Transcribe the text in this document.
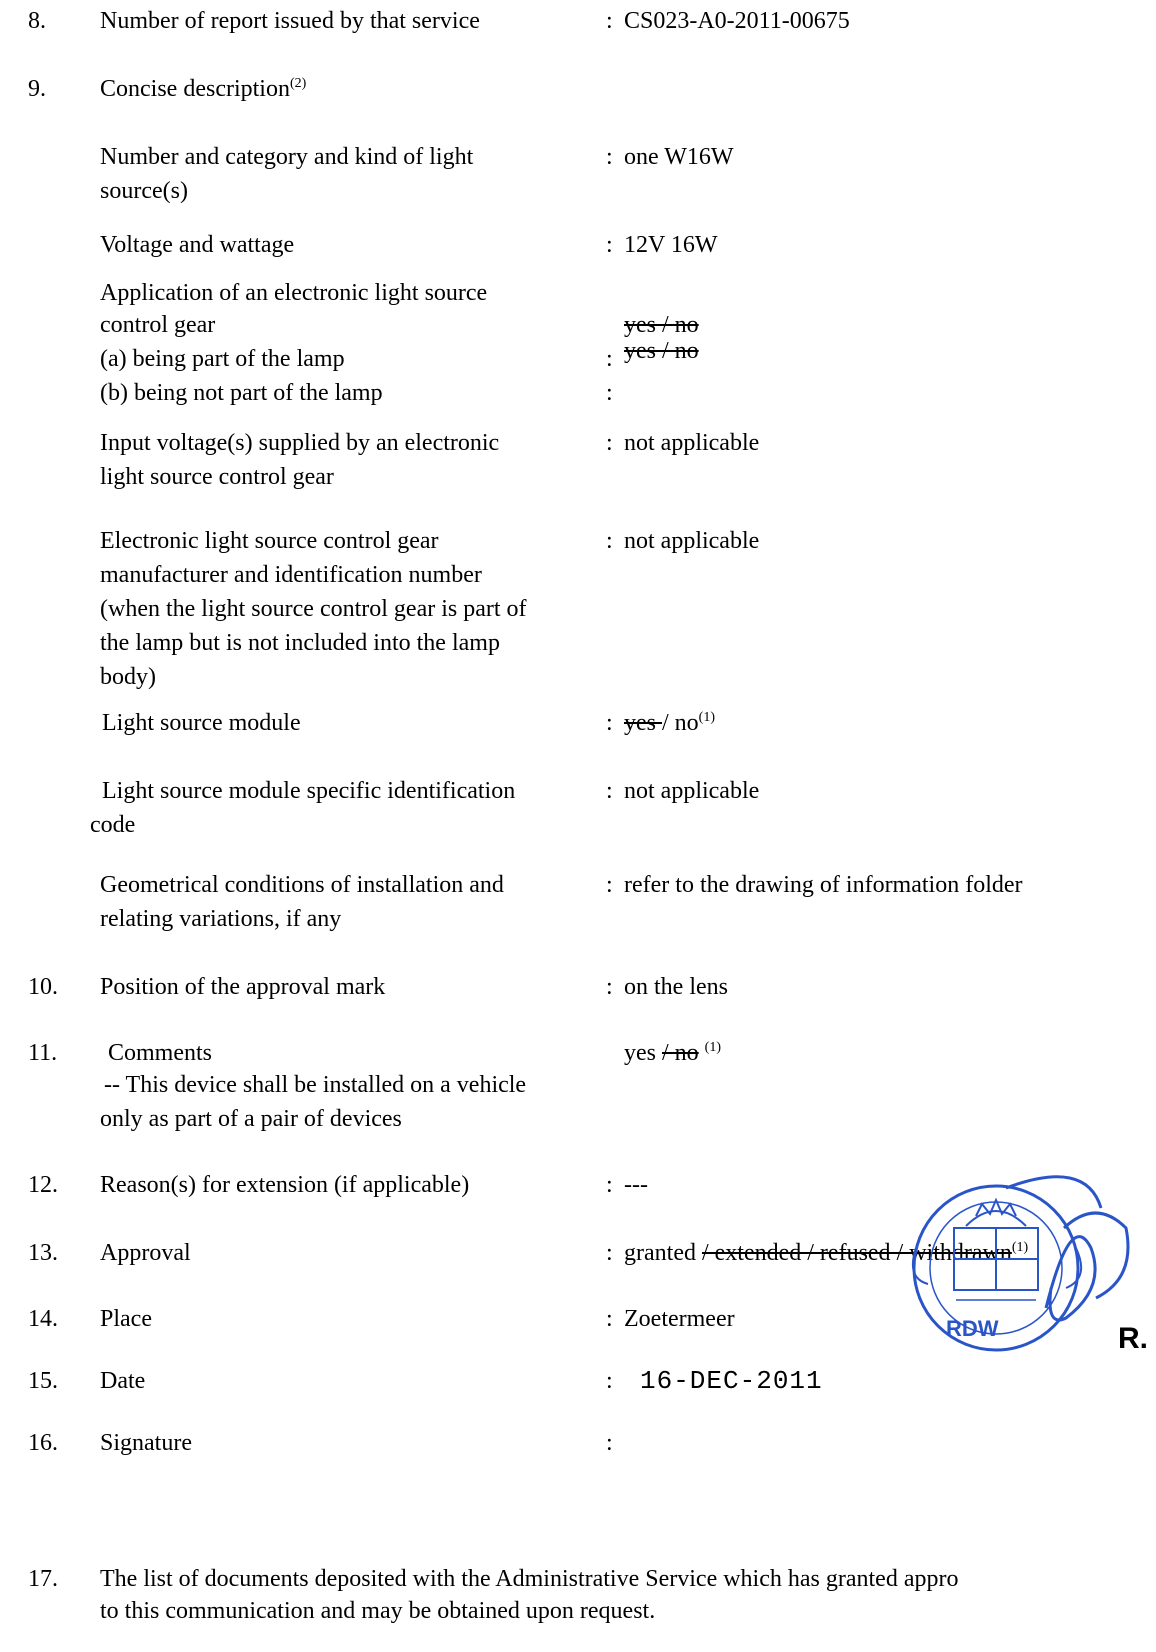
8. Number of report issued by that service	: CS023-A0-2011-00675
9. Concise description$^{(2)}$
Number and category and kind of light
source(s)
: one W16W
Voltage and wattage	: 12V 16W
Application of an electronic light source
control gear	yes / no
(a) being part of the lamp	: yes / no
(b) being not part of the lamp	:
Input voltage(s) supplied by an electronic
light source control gear
: not applicable
Electronic light source control gear
manufacturer and identification number
(when the light source control gear is part of
the lamp but is not included into the lamp
body)
: not applicable
Light source module	: yes / $no^{(1)}$
Light source module specific identification
code
: not applicable
Geometrical conditions of installation and
relating variations, if any
: refer to the drawing of information folder
10. Position of the approval mark	: on the lens
11. Comments	yes / no $^{(1)}$
-- This device shall be installed on a vehicle
only as part of a pair of devices
12. Reason(s) for extension (if applicable)	: ---
13. Approval	: granted / extended / refused / withdrawn$^{(1)}$
14. Place	: Zoetermeer
15. Date	: 16-DEC-2011
16. Signature	:
RDW	R.
17. The list of documents deposited with the Administrative Service which has granted appro
to this communication and may be obtained upon request.
